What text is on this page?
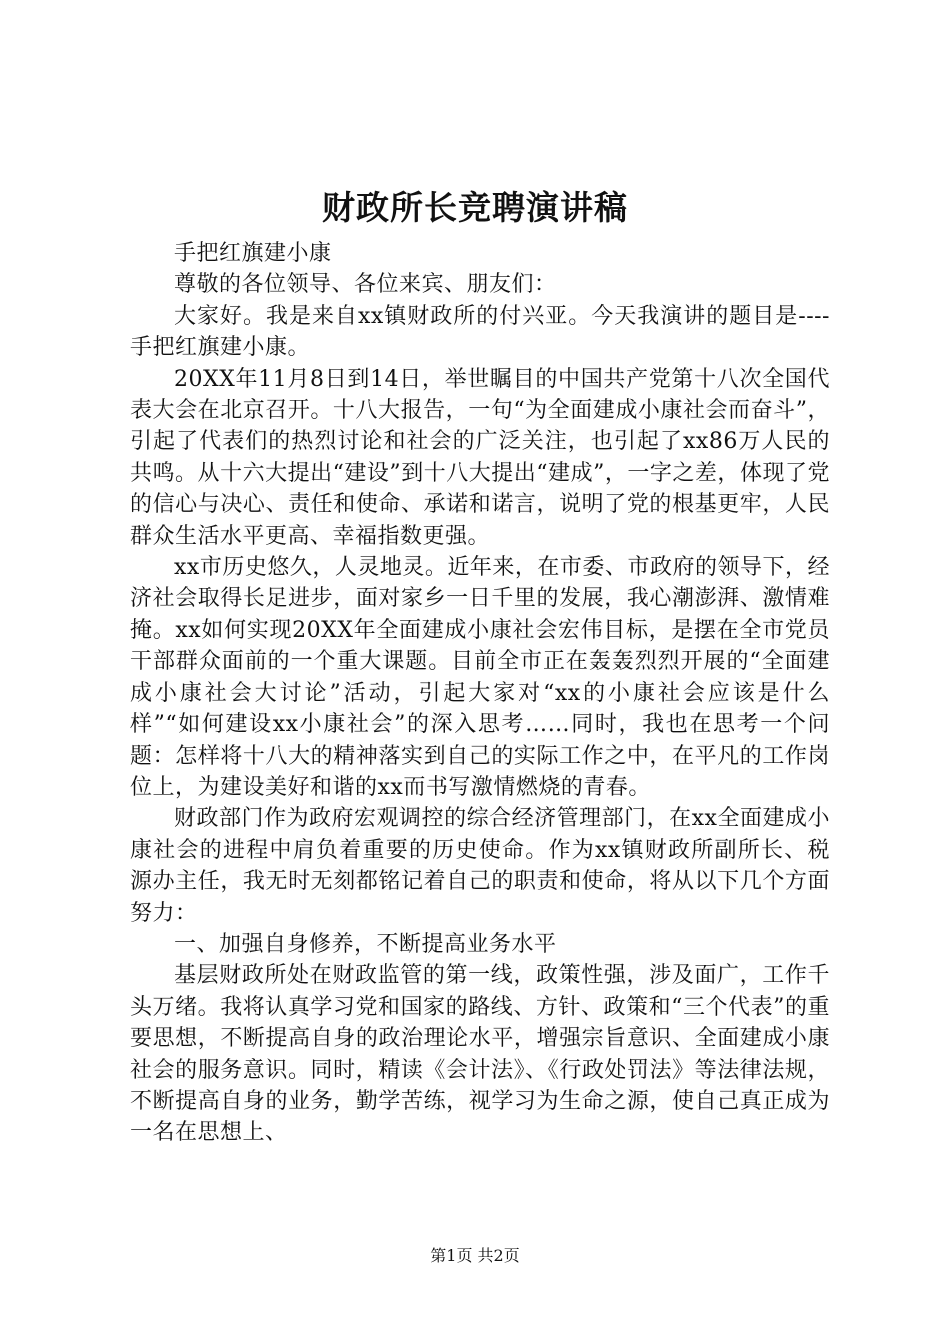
财政所长竞聘演讲稿

手把红旗建小康

尊敬的各位领导、各位来宾、朋友们：

大家好。我是来自xx镇财政所的付兴亚。今天我演讲的题目是----手把红旗建小康。

20XX年11月8日到14日，举世瞩目的中国共产党第十八次全国代表大会在北京召开。十八大报告，一句“为全面建成小康社会而奋斗”，引起了代表们的热烈讨论和社会的广泛关注，也引起了xx86万人民的共鸣。从十六大提出“建设”到十八大提出“建成”，一字之差，体现了党的信心与决心、责任和使命、承诺和诺言，说明了党的根基更牢，人民群众生活水平更高、幸福指数更强。

xx市历史悠久，人灵地灵。近年来，在市委、市政府的领导下，经济社会取得长足进步，面对家乡一日千里的发展，我心潮澎湃、激情难掩。xx如何实现20XX年全面建成小康社会宏伟目标，是摆在全市党员干部群众面前的一个重大课题。目前全市正在轰轰烈烈开展的“全面建成小康社会大讨论”活动，引起大家对“xx的小康社会应该是什么样”“如何建设xx小康社会”的深入思考……同时，我也在思考一个问题：怎样将十八大的精神落实到自己的实际工作之中，在平凡的工作岗位上，为建设美好和谐的xx而书写激情燃烧的青春。

财政部门作为政府宏观调控的综合经济管理部门，在xx全面建成小康社会的进程中肩负着重要的历史使命。作为xx镇财政所副所长、税源办主任，我无时无刻都铭记着自己的职责和使命，将从以下几个方面努力：

一、加强自身修养，不断提高业务水平

基层财政所处在财政监管的第一线，政策性强，涉及面广，工作千头万绪。我将认真学习党和国家的路线、方针、政策和“三个代表”的重要思想，不断提高自身的政治理论水平，增强宗旨意识、全面建成小康社会的服务意识。同时，精读《会计法》、《行政处罚法》等法律法规，不断提高自身的业务，勤学苦练，视学习为生命之源，使自己真正成为一名在思想上、

第1页 共2页
